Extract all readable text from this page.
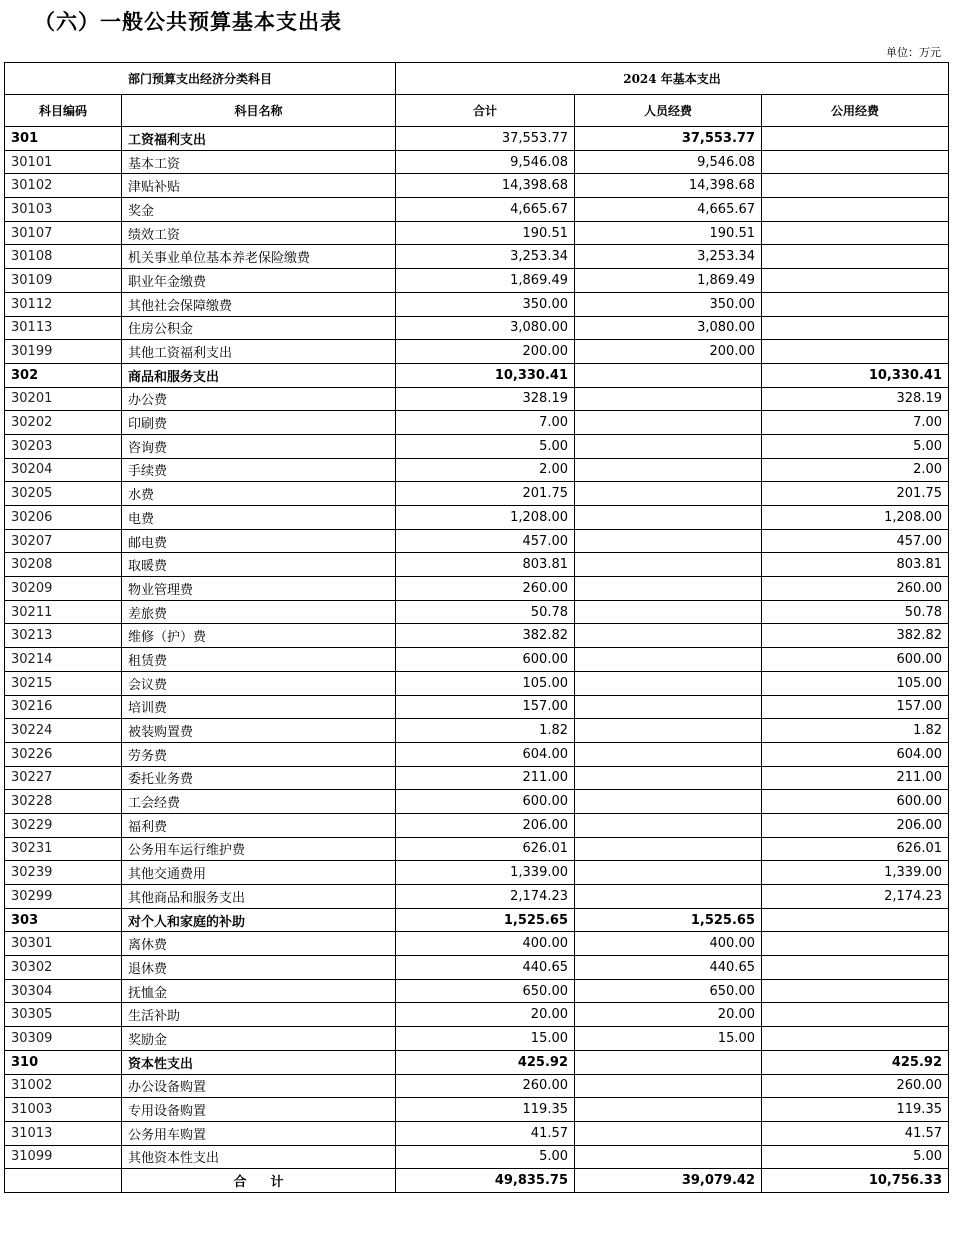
（六）一般公共预算基本支出表
单位：万元
部门预算支出经济分类科目		2024 年基本支出		
科目编码	科目名称	合计	人员经费	公用经费
301	工资福利支出	37,553.77	37,553.77	
30101	基本工资	9,546.08	9,546.08	
30102	津贴补贴	14,398.68	14,398.68	
30103	奖金	4,665.67	4,665.67	
30107	绩效工资	190.51	190.51	
30108	机关事业单位基本养老保险缴费	3,253.34	3,253.34	
30109	职业年金缴费	1,869.49	1,869.49	
30112	其他社会保障缴费	350.00	350.00	
30113	住房公积金	3,080.00	3,080.00	
30199	其他工资福利支出	200.00	200.00	
302	商品和服务支出	10,330.41		10,330.41
30201	办公费	328.19		328.19
30202	印刷费	7.00		7.00
30203	咨询费	5.00		5.00
30204	手续费	2.00		2.00
30205	水费	201.75		201.75
30206	电费	1,208.00		1,208.00
30207	邮电费	457.00		457.00
30208	取暖费	803.81		803.81
30209	物业管理费	260.00		260.00
30211	差旅费	50.78		50.78
30213	维修（护）费	382.82		382.82
30214	租赁费	600.00		600.00
30215	会议费	105.00		105.00
30216	培训费	157.00		157.00
30224	被装购置费	1.82		1.82
30226	劳务费	604.00		604.00
30227	委托业务费	211.00		211.00
30228	工会经费	600.00		600.00
30229	福利费	206.00		206.00
30231	公务用车运行维护费	626.01		626.01
30239	其他交通费用	1,339.00		1,339.00
30299	其他商品和服务支出	2,174.23		2,174.23
303	对个人和家庭的补助	1,525.65	1,525.65	
30301	离休费	400.00	400.00	
30302	退休费	440.65	440.65	
30304	抚恤金	650.00	650.00	
30305	生活补助	20.00	20.00	
30309	奖励金	15.00	15.00	
310	资本性支出	425.92		425.92
31002	办公设备购置	260.00		260.00
31003	专用设备购置	119.35		119.35
31013	公务用车购置	41.57		41.57
31099	其他资本性支出	5.00		5.00
	合计	49,835.75	39,079.42	10,756.33
